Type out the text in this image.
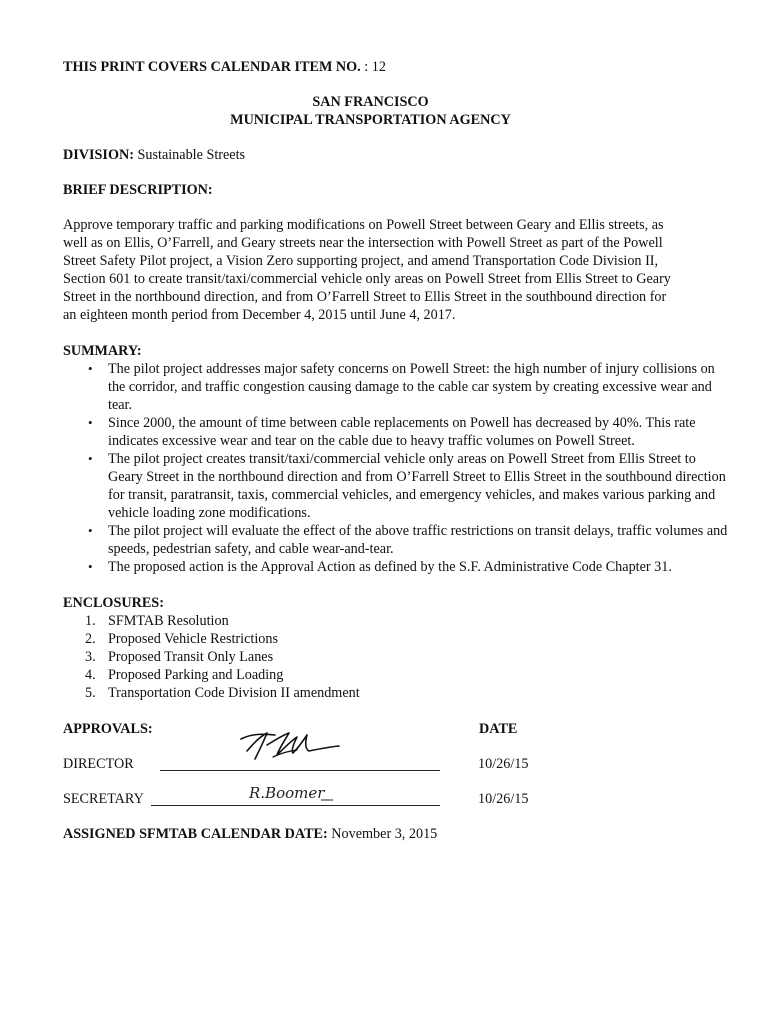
THIS PRINT COVERS CALENDAR ITEM NO. : 12
SAN FRANCISCO
MUNICIPAL TRANSPORTATION AGENCY
DIVISION: Sustainable Streets
BRIEF DESCRIPTION:
Approve temporary traffic and parking modifications on Powell Street between Geary and Ellis streets, as well as on Ellis, O’Farrell, and Geary streets near the intersection with Powell Street as part of the Powell Street Safety Pilot project, a Vision Zero supporting project, and amend Transportation Code Division II, Section 601 to create transit/taxi/commercial vehicle only areas on Powell Street from Ellis Street to Geary Street in the northbound direction, and from O’Farrell Street to Ellis Street in the southbound direction for an eighteen month period from December 4, 2015 until June 4, 2017.
SUMMARY:
• The pilot project addresses major safety concerns on Powell Street: the high number of injury collisions on the corridor, and traffic congestion causing damage to the cable car system by creating excessive wear and tear.
• Since 2000, the amount of time between cable replacements on Powell has decreased by 40%. This rate indicates excessive wear and tear on the cable due to heavy traffic volumes on Powell Street.
• The pilot project creates transit/taxi/commercial vehicle only areas on Powell Street from Ellis Street to Geary Street in the northbound direction and from O’Farrell Street to Ellis Street in the southbound direction for transit, paratransit, taxis, commercial vehicles, and emergency vehicles, and makes various parking and vehicle loading zone modifications.
• The pilot project will evaluate the effect of the above traffic restrictions on transit delays, traffic volumes and speeds, pedestrian safety, and cable wear-and-tear.
• The proposed action is the Approval Action as defined by the S.F. Administrative Code Chapter 31.
ENCLOSURES:
1. SFMTAB Resolution
2. Proposed Vehicle Restrictions
3. Proposed Transit Only Lanes
4. Proposed Parking and Loading
5. Transportation Code Division II amendment
APPROVALS:	DATE
DIRECTOR	10/26/15
SECRETARY	R.Boomer	10/26/15
ASSIGNED SFMTAB CALENDAR DATE: November 3, 2015
